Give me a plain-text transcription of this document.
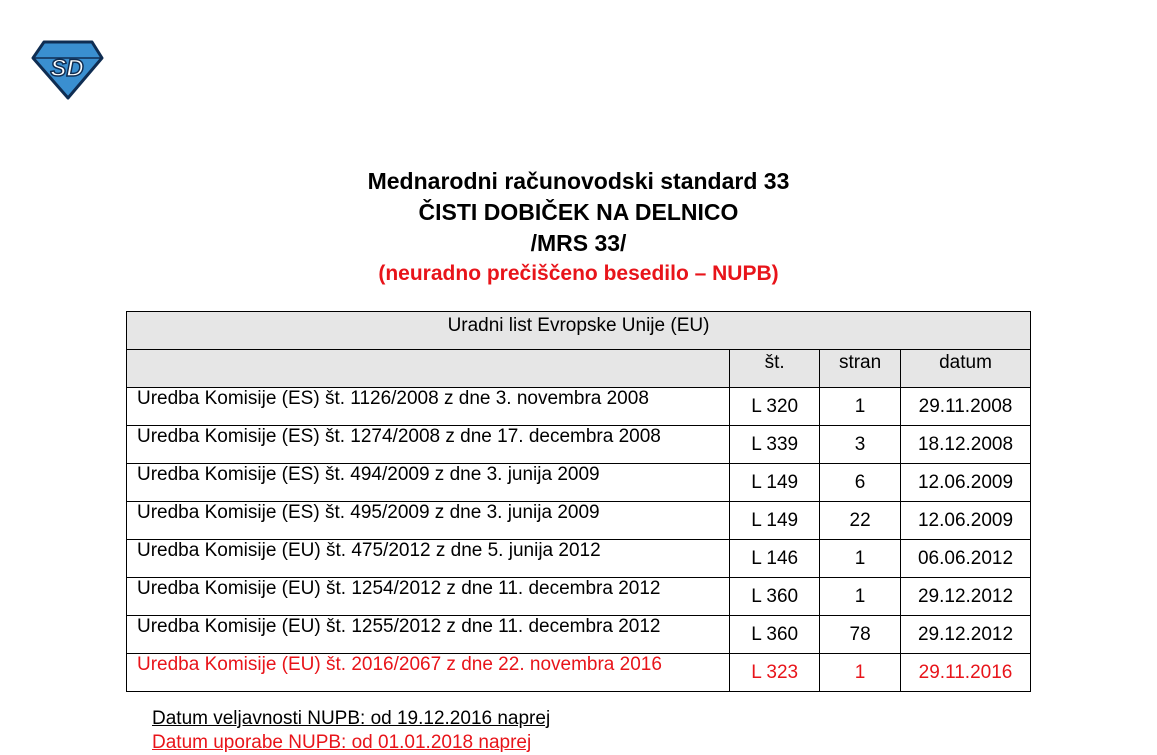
SD
Mednarodni računovodski standard 33
ČISTI DOBIČEK NA DELNICO
/MRS 33/
(neuradno prečiščeno besedilo – NUPB)
Uradni list Evropske Unije (EU)			
	št.	stran	datum
Uredba Komisije (ES) št. 1126/2008 z dne 3. novembra 2008	L 320	1	29.11.2008
Uredba Komisije (ES) št. 1274/2008 z dne 17. decembra 2008	L 339	3	18.12.2008
Uredba Komisije (ES) št. 494/2009 z dne 3. junija 2009	L 149	6	12.06.2009
Uredba Komisije (ES) št. 495/2009 z dne 3. junija 2009	L 149	22	12.06.2009
Uredba Komisije (EU) št. 475/2012 z dne 5. junija 2012	L 146	1	06.06.2012
Uredba Komisije (EU) št. 1254/2012 z dne 11. decembra 2012	L 360	1	29.12.2012
Uredba Komisije (EU) št. 1255/2012 z dne 11. decembra 2012	L 360	78	29.12.2012
Uredba Komisije (EU) št. 2016/2067 z dne 22. novembra 2016	L 323	1	29.11.2016
Datum veljavnosti NUPB: od 19.12.2016 naprej
Datum uporabe NUPB: od 01.01.2018 naprej
